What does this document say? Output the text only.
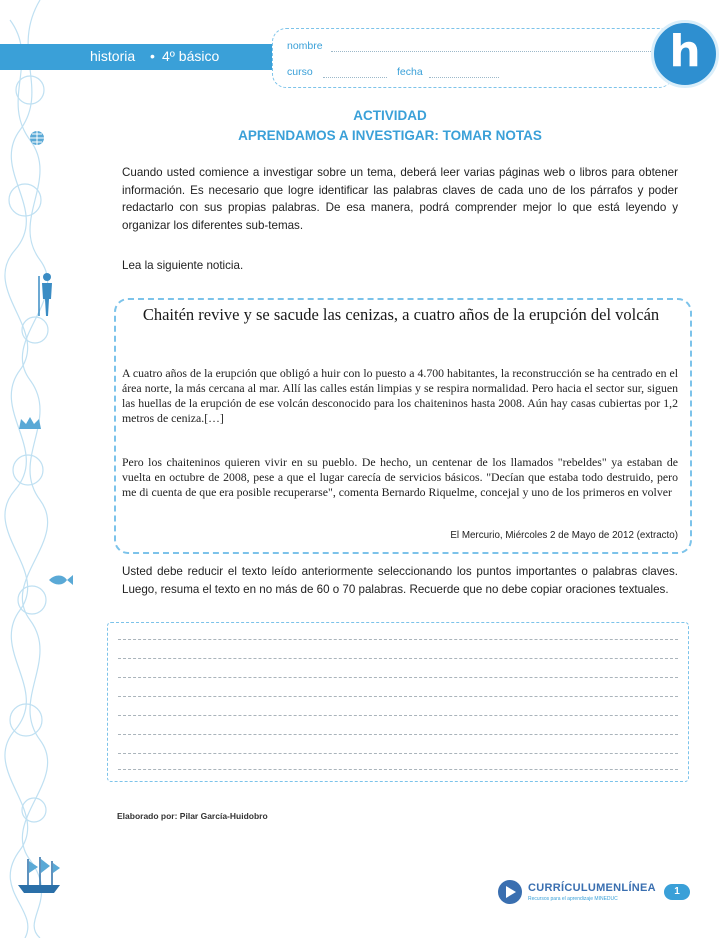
historia • 4º básico
nombre
curso	fecha	h
ACTIVIDAD
APRENDAMOS A INVESTIGAR: TOMAR NOTAS
Cuando usted comience a investigar sobre un tema, deberá leer varias páginas web o libros para obtener información. Es necesario que logre identificar las palabras claves de cada uno de los párrafos y poder redactarlo con sus propias palabras. De esa manera, podrá comprender mejor lo que está leyendo y organizar los diferentes sub-temas.
Lea la siguiente noticia.
Chaitén revive y se sacude las cenizas, a cuatro años de la erupción del volcán
A cuatro años de la erupción que obligó a huir con lo puesto a 4.700 habitantes, la reconstrucción se ha centrado en el área norte, la más cercana al mar. Allí las calles están limpias y se respira normalidad. Pero hacia el sector sur, siguen las huellas de la erupción de ese volcán desconocido para los chaiteninos hasta 2008. Aún hay casas cubiertas por 1,2 metros de ceniza.[…]
Pero los chaiteninos quieren vivir en su pueblo. De hecho, un centenar de los llamados "rebeldes" ya estaban de vuelta en octubre de 2008, pese a que el lugar carecía de servicios básicos. "Decían que estaba todo destruido, pero me di cuenta de que era posible recuperarse", comenta Bernardo Riquelme, concejal y uno de los primeros en volver
El Mercurio, Miércoles 2 de Mayo de 2012 (extracto)
Usted debe reducir el texto leído anteriormente seleccionando los puntos importantes o palabras claves. Luego, resuma el texto en no más de 60 o 70 palabras. Recuerde que no debe copiar oraciones textuales.
Elaborado por: Pilar García-Huidobro
CURRÍCULUMENLÍNEA
Recursos para el aprendizaje MINEDUC
1
